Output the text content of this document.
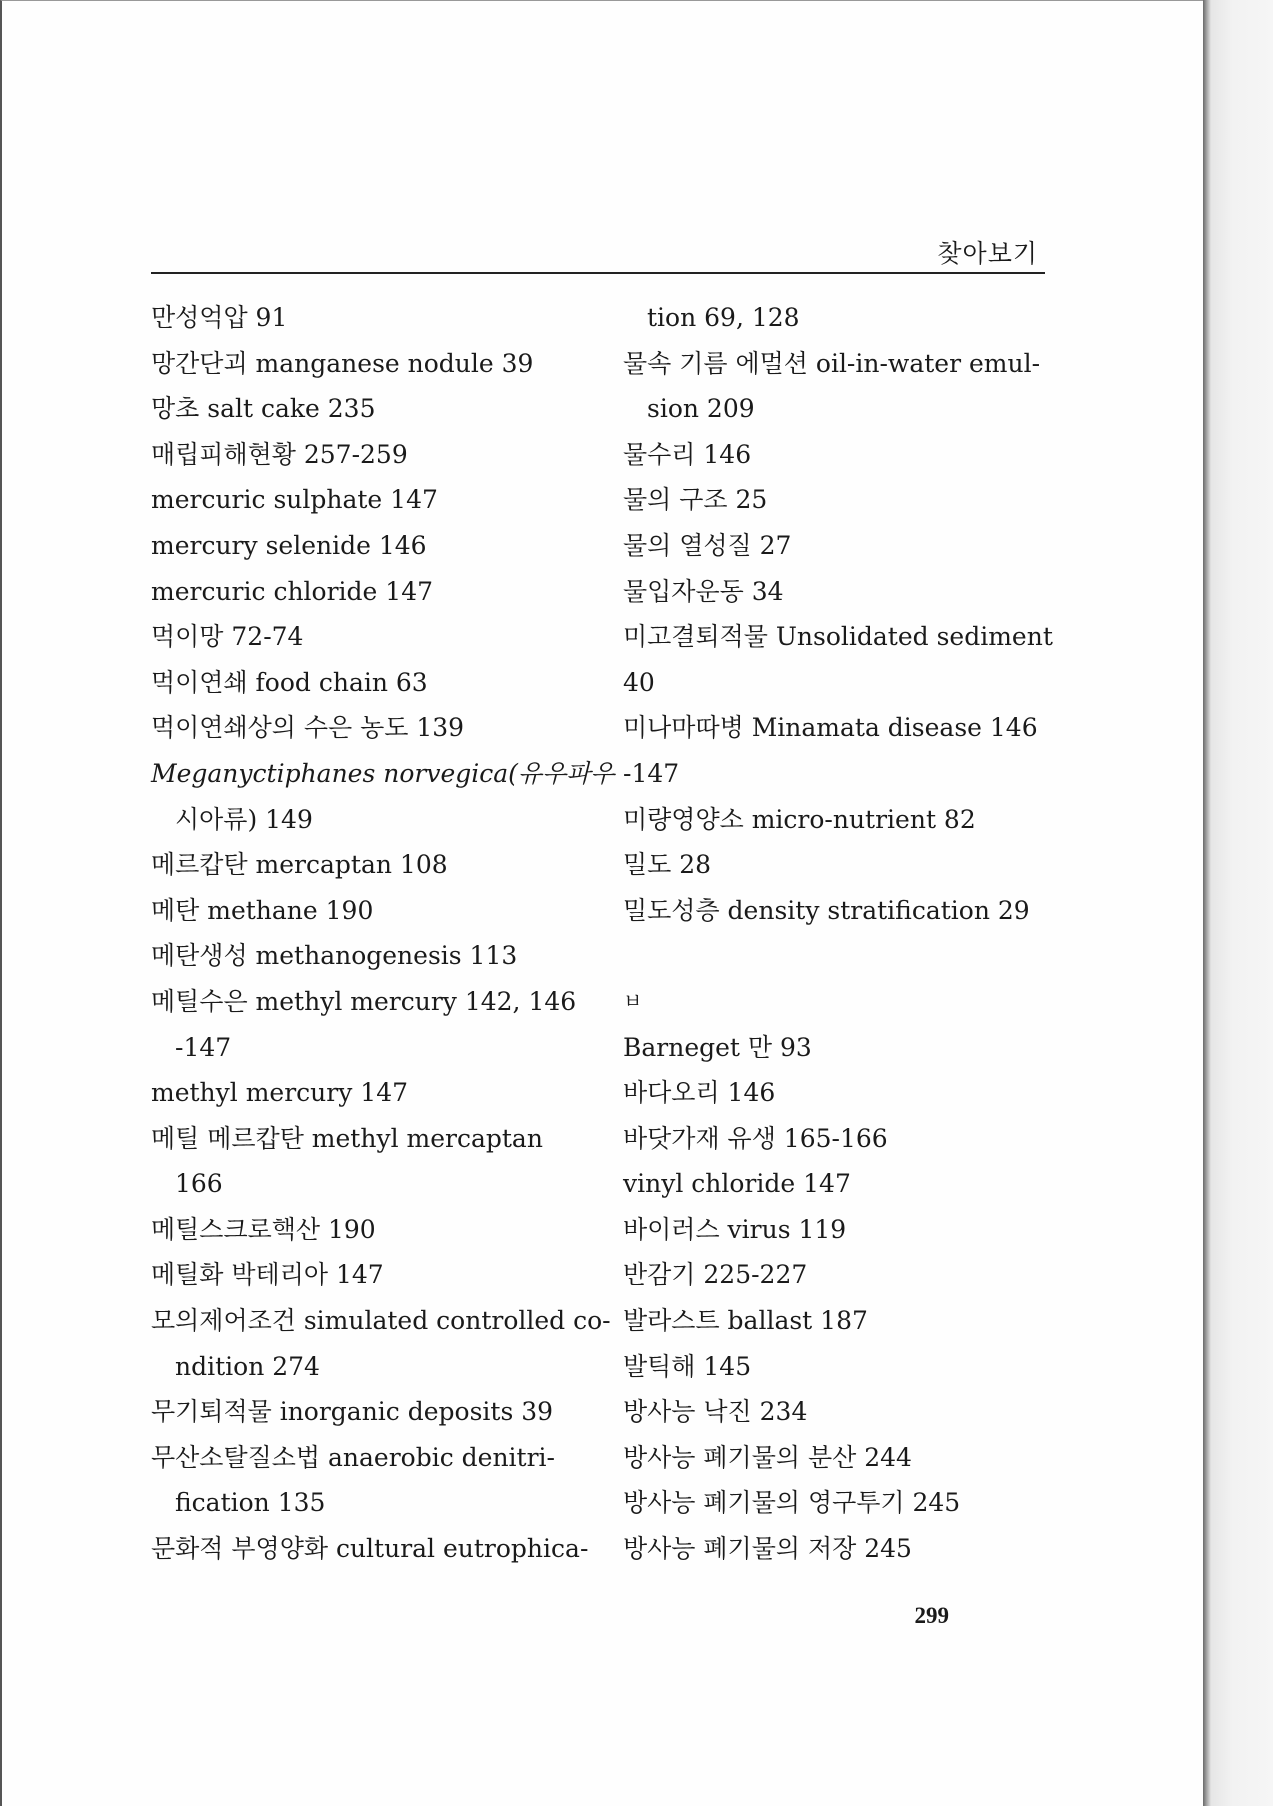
찾아보기
만성억압 91
망간단괴 manganese nodule 39
망초 salt cake 235
매립피해현황 257-259
mercuric sulphate 147
mercury selenide 146
mercuric chloride 147
먹이망 72-74
먹이연쇄 food chain 63
먹이연쇄상의 수은 농도 139
Meganyctiphanes norvegica(유우파우
시아류) 149
메르캅탄 mercaptan 108
메탄 methane 190
메탄생성 methanogenesis 113
메틸수은 methyl mercury 142, 146
-147
methyl mercury 147
메틸 메르캅탄 methyl mercaptan
166
메틸스크로핵산 190
메틸화 박테리아 147
모의제어조건 simulated controlled co-
ndition 274
무기퇴적물 inorganic deposits 39
무산소탈질소법 anaerobic denitri-
fication 135
문화적 부영양화 cultural eutrophica-
tion 69, 128
물속 기름 에멀션 oil-in-water emul-
sion 209
물수리 146
물의 구조 25
물의 열성질 27
물입자운동 34
미고결퇴적물 Unsolidated sediment
40
미나마따병 Minamata disease 146
-147
미량영양소 micro-nutrient 82
밀도 28
밀도성층 density stratification 29
ㅂ
Barneget 만 93
바다오리 146
바닷가재 유생 165-166
vinyl chloride 147
바이러스 virus 119
반감기 225-227
발라스트 ballast 187
발틱해 145
방사능 낙진 234
방사능 폐기물의 분산 244
방사능 폐기물의 영구투기 245
방사능 폐기물의 저장 245
299
